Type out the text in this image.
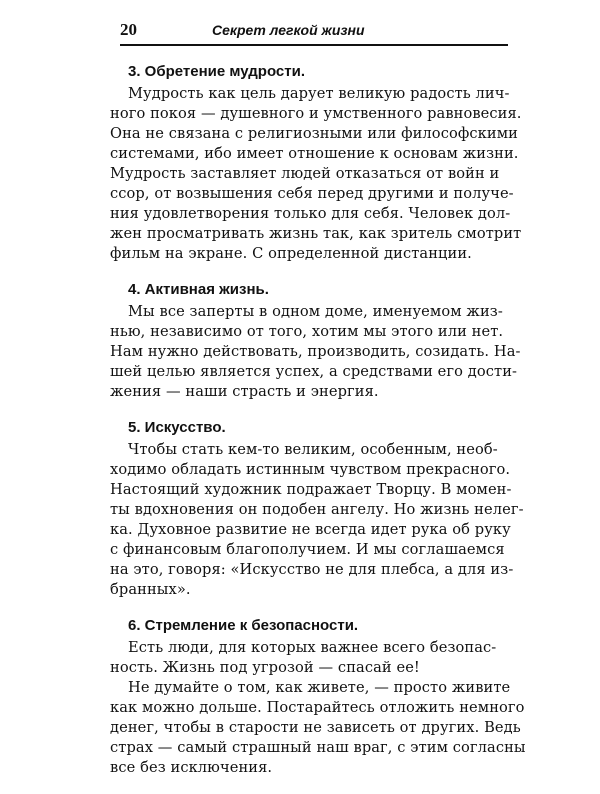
20	Секрет легкой жизни
3. Обретение мудрости.
Мудрость как цель дарует великую радость лич-
ного покоя — душевного и умственного равновесия.
Она не связана с религиозными или философскими
системами, ибо имеет отношение к основам жизни.
Мудрость заставляет людей отказаться от войн и
ссор, от возвышения себя перед другими и получе-
ния удовлетворения только для себя. Человек дол-
жен просматривать жизнь так, как зритель смотрит
фильм на экране. С определенной дистанции.
4. Активная жизнь.
Мы все заперты в одном доме, именуемом жиз-
нью, независимо от того, хотим мы этого или нет.
Нам нужно действовать, производить, созидать. На-
шей целью является успех, а средствами его дости-
жения — наши страсть и энергия.
5. Искусство.
Чтобы стать кем-то великим, особенным, необ-
ходимо обладать истинным чувством прекрасного.
Настоящий художник подражает Творцу. В момен-
ты вдохновения он подобен ангелу. Но жизнь нелег-
ка. Духовное развитие не всегда идет рука об руку
с финансовым благополучием. И мы соглашаемся
на это, говоря: «Искусство не для плебса, а для из-
бранных».
6. Стремление к безопасности.
Есть люди, для которых важнее всего безопас-
ность. Жизнь под угрозой — спасай ее!
Не думайте о том, как живете, — просто живите
как можно дольше. Постарайтесь отложить немного
денег, чтобы в старости не зависеть от других. Ведь
страх — самый страшный наш враг, с этим согласны
все без исключения.
